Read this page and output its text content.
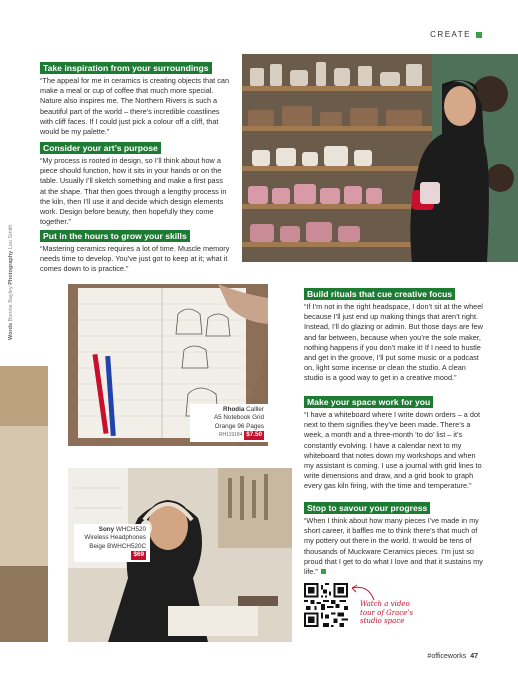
CREATE
Words Bonnie Bayley Photography Lou Smith
Take inspiration from your surroundings
“The appeal for me in ceramics is creating objects that can make a meal or cup of coffee that much more special. Nature also inspires me. The Northern Rivers is such a beautiful part of the world – there’s incredible coastlines with cliff faces. If I could just pick a colour off a cliff, that would be my palette.”
Consider your art’s purpose
“My process is rooted in design, so I’ll think about how a piece should function, how it sits in your hands or on the table. Usually I’ll sketch something and make a first pass at the shape. That then goes through a lengthy process in the kiln, then I’ll use it and decide which design elements work. Design before beauty, then hopefully they come together.”
Put in the hours to grow your skills
“Mastering ceramics requires a lot of time. Muscle memory needs time to develop. You’ve just got to keep at it; what it comes down to is practice.”
Build rituals that cue creative focus
“If I’m not in the right headspace, I don’t sit at the wheel because I’ll just end up making things that aren’t right. Instead, I’ll do glazing or admin. But those days are few and far between, because when you’re the sole maker, nothing happens if you don’t make it! If I need to hustle and get in the groove, I’ll put some music or a podcast on, light some incense or clean the studio. A clean studio is a good way to get in a creative mood.”
Make your space work for you
“I have a whiteboard where I write down orders – a dot next to them signifies they’ve been made. There’s a week, a month and a three-month ‘to do’ list – it’s constantly evolving. I have a calendar next to my whiteboard that notes down my workshops and when my assistant is coming. I use a journal with grid lines to write dimensions and draw, and a grid book to graph every gas kiln firing, with the time and temperature.”
Stop to savour your progress
“When I think about how many pieces I’ve made in my short career, it baffles me to think there’s that much of my pottery out there in the world. It would be tens of thousands of Muckware Ceramics pieces. I’m just so proud that I get to do what I love and that it sustains my life.”
Rhodia Calller
A5 Notebook Grid
Orange 96 Pages
RH119184 $7.50
Sony WHCH520
Wireless Headphones
Beige BWHCH520C
$69
Watch a video
tour of Grace’s
studio space
#officeworks 47
